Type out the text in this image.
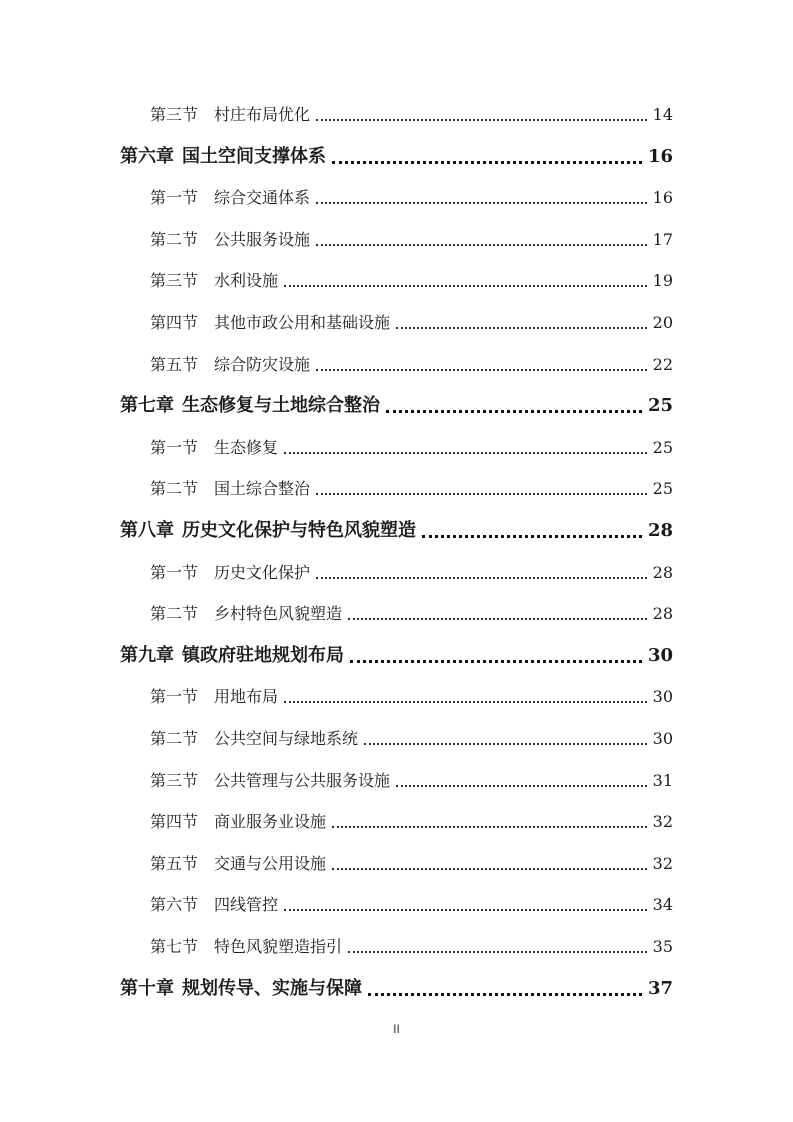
第三节 村庄布局优化	14
第六章 国土空间支撑体系	16
第一节 综合交通体系	16
第二节 公共服务设施	17
第三节 水利设施	19
第四节 其他市政公用和基础设施	20
第五节 综合防灾设施	22
第七章 生态修复与土地综合整治	25
第一节 生态修复	25
第二节 国土综合整治	25
第八章 历史文化保护与特色风貌塑造	28
第一节 历史文化保护	28
第二节 乡村特色风貌塑造	28
第九章 镇政府驻地规划布局	30
第一节 用地布局	30
第二节 公共空间与绿地系统	30
第三节 公共管理与公共服务设施	31
第四节 商业服务业设施	32
第五节 交通与公用设施	32
第六节 四线管控	34
第七节 特色风貌塑造指引	35
第十章 规划传导、实施与保障	37
II
